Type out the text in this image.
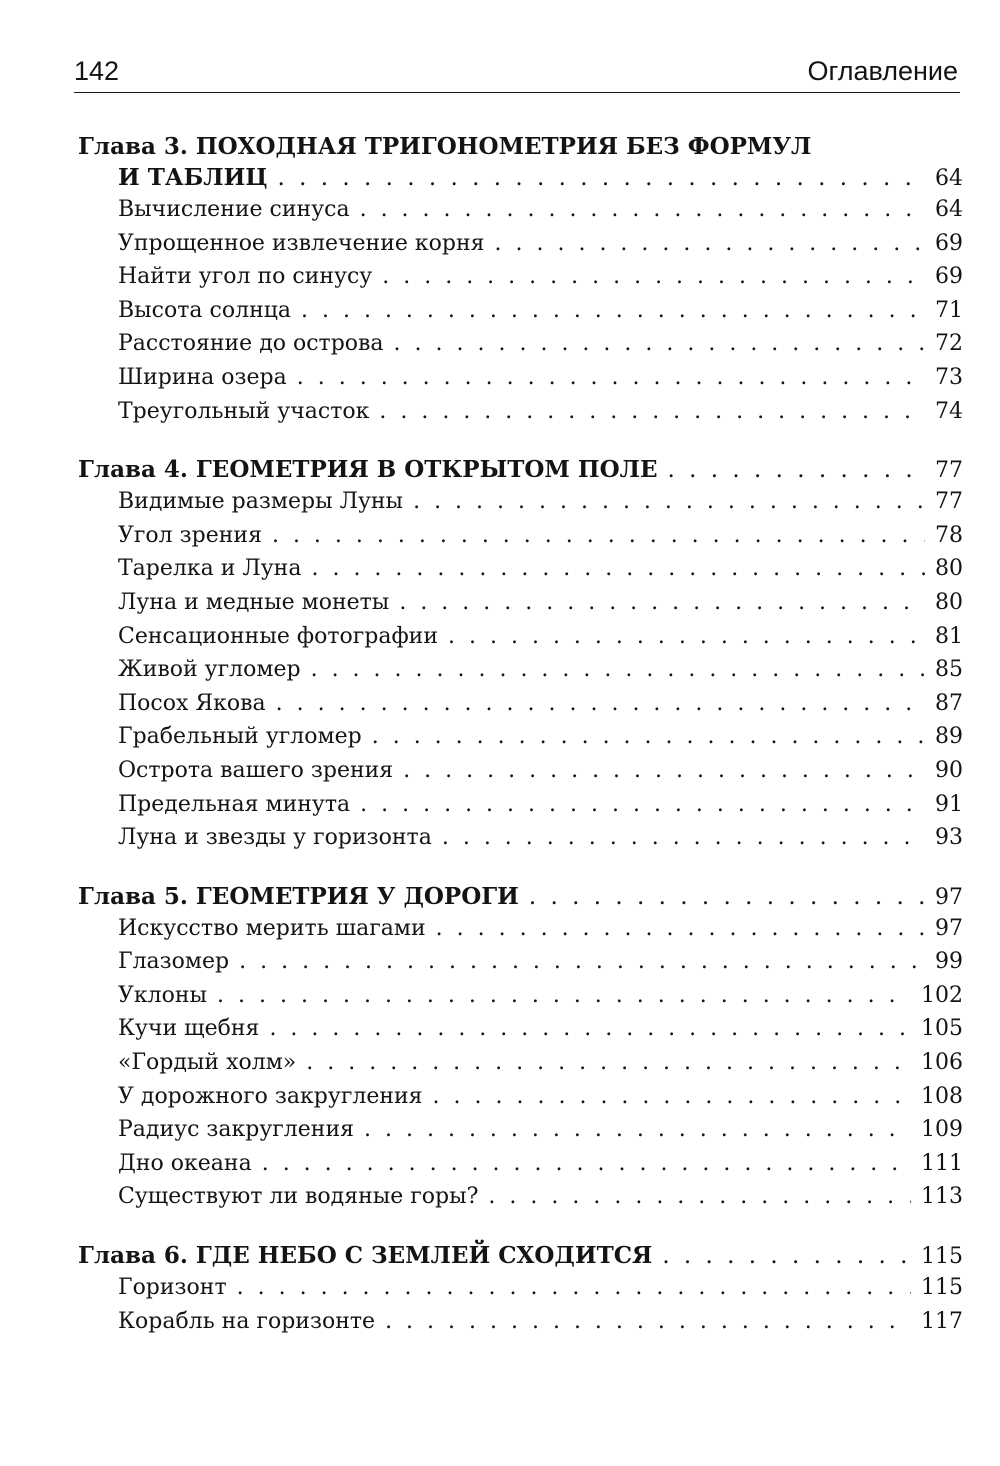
142	Оглавление
Глава 3. ПОХОДНАЯ ТРИГОНОМЕТРИЯ БЕЗ ФОРМУЛ
И ТАБЛИЦ . . .	64
Вычисление синуса . . .	64
Упрощенное извлечение корня . . .	69
Найти угол по синусу . . .	69
Высота солнца . . .	71
Расстояние до острова . . .	72
Ширина озера . . .	73
Треугольный участок . . .	74
Глава 4. ГЕОМЕТРИЯ В ОТКРЫТОМ ПОЛЕ . . .	77
Видимые размеры Луны . . .	77
Угол зрения . . .	78
Тарелка и Луна . . .	80
Луна и медные монеты . . .	80
Сенсационные фотографии . . .	81
Живой угломер . . .	85
Посох Якова . . .	87
Грабельный угломер . . .	89
Острота вашего зрения . . .	90
Предельная минута . . .	91
Луна и звезды у горизонта . . .	93
Глава 5. ГЕОМЕТРИЯ У ДОРОГИ . . .	97
Искусство мерить шагами . . .	97
Глазомер . . .	99
Уклоны . . .	102
Кучи щебня . . .	105
«Гордый холм» . . .	106
У дорожного закругления . . .	108
Радиус закругления . . .	109
Дно океана . . .	111
Существуют ли водяные горы? . . .	113
Глава 6. ГДЕ НЕБО С ЗЕМЛЕЙ СХОДИТСЯ . . .	115
Горизонт . . .	115
Корабль на горизонте . . .	117
